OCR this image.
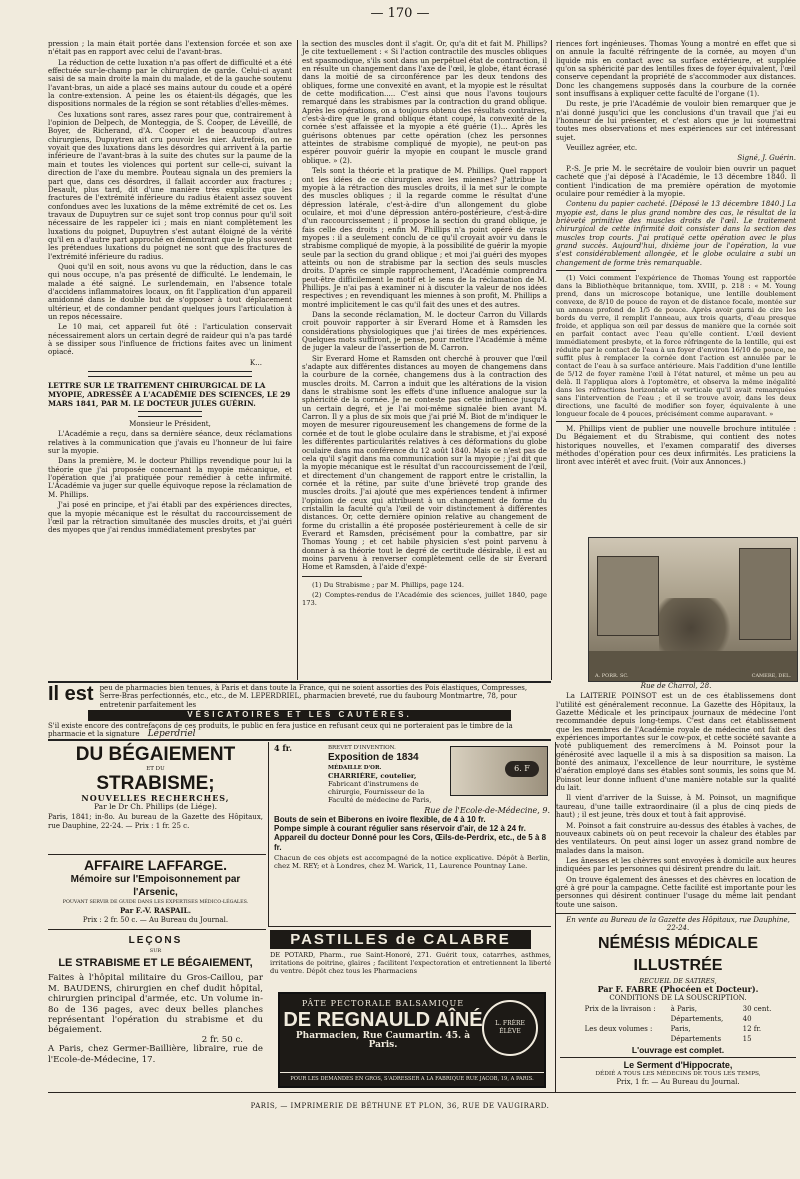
— 170 —

pression ; la main était portée dans l'extension forcée et son axe n'était pas en rapport avec celui de l'avant-bras.

La réduction de cette luxation n'a pas offert de difficulté et a été effectuée sur-le-champ par le chirurgien de garde. Celui-ci ayant saisi de sa main droite la main du malade, et de la gauche soutenu l'avant-bras, un aide a placé ses mains autour du coude et a opéré la contre-extension. A peine les os étaient-ils dégagés, que les dispositions normales de la région se sont rétablies d'elles-mêmes.

Ces luxations sont rares, assez rares pour que, contrairement à l'opinion de Delpech, de Monteggia, de S. Cooper, de Léveillé, de Boyer, de Richerand, d'A. Cooper et de beaucoup d'autres chirurgiens, Dupuytren ait cru pouvoir les nier. Autrefois, on ne voyait que des luxations dans les désordres qui arrivent à la partie inférieure de l'avant-bras à la suite des chutes sur la paume de la main et toutes les violences qui portent sur celle-ci, suivant la direction de l'axe du membre. Pouteau signala un des premiers la part que, dans ces désordres, il fallait accorder aux fractures ; Desault, plus tard, dit d'une manière très explicite que les fractures de l'extrémité inférieure du radius étaient assez souvent confondues avec les luxations de la même extrémité de cet os. Les travaux de Dupuytren sur ce sujet sont trop connus pour qu'il soit nécessaire de les rappeler ici ; mais en niant complètement les luxations du poignet, Dupuytren s'est autant éloigné de la vérité qu'il en a d'autre part approché en démontrant que le plus souvent les prétendues luxations du poignet ne sont que des fractures de l'extrémité inférieure du radius.

Quoi qu'il en soit, nous avons vu que la réduction, dans le cas qui nous occupe, n'a pas présenté de difficulté. Le lendemain, le malade a été saigné. Le surlendemain, en l'absence totale d'accidens inflammatoires locaux, on fit l'application d'un appareil amidonné dans le double but de s'opposer à tout déplacement ultérieur, et de condamner pendant quelques jours l'articulation à un repos nécessaire.

Le 10 mai, cet appareil fut ôté : l'articulation conservait nécessairement alors un certain degré de raideur qui n'a pas tardé à se dissiper sous l'influence de frictions faites avec un liniment opiacé.

K...

LETTRE SUR LE TRAITEMENT CHIRURGICAL DE LA MYOPIE, ADRESSÉE A L'ACADÉMIE DES SCIENCES, LE 29 MARS 1841, PAR M. LE DOCTEUR JULES GUÉRIN.

Monsieur le Président,

L'Académie a reçu, dans sa dernière séance, deux réclamations relatives à la communication que j'avais eu l'honneur de lui faire sur la myopie.

Dans la première, M. le docteur Phillips revendique pour lui la théorie que j'ai proposée concernant la myopie mécanique, et l'opération que j'ai pratiquée pour remédier à cette infirmité. L'Académie va juger sur quelle équivoque repose la réclamation de M. Phillips.

J'ai posé en principe, et j'ai établi par des expériences directes, que la myopie mécanique est le résultat du raccourcissement de l'œil par la rétraction simultanée des muscles droits, et j'ai guéri des myopes que j'ai rendus immédiatement presbytes par

la section des muscles dont il s'agit. Or, qu'a dit et fait M. Phillips? Je cite textuellement : « Si l'action contractile des muscles obliques est spasmodique, s'ils sont dans un perpétuel état de contraction, il en résulte un changement dans l'axe de l'œil, le globe, étant écrasé dans la moitié de sa circonférence par les deux tendons des obliques, forme une convexité en avant, et la myopie est le résultat de cette modification..... C'est ainsi que nous l'avons toujours remarqué dans les strabismes par la contraction du grand oblique. Après les opérations, on a toujours obtenu des résultats contraires, c'est-à-dire que le grand oblique étant coupé, la convexité de la cornée s'est affaissée et la myopie a été guérie (1)... Après les guérisons obtenues par cette opération (chez les personnes atteintes de strabisme compliqué de myopie), ne peut-on pas espérer pouvoir guérir la myopie en coupant le muscle grand oblique. » (2).

Tels sont la théorie et la pratique de M. Phillips. Quel rapport ont les idées de ce chirurgien avec les miennes? J'attribue la myopie à la rétraction des muscles droits, il la met sur le compte des muscles obliques ; il la regarde comme le résultat d'une dépression latérale, c'est-à-dire d'un allongement du globe oculaire, et moi d'une dépression antéro-postérieure, c'est-à-dire d'un raccourcissement ; il propose la section du grand oblique, je fais celle des droits ; enfin M. Phillips n'a point opéré de vrais myopes : il a seulement conclu de ce qu'il croyait avoir vu dans le strabisme compliqué de myopie, à la possibilité de guérir la myopie seule par la section du grand oblique ; et moi j'ai guéri des myopes atteints ou non de strabisme par la section des seuls muscles droits. D'après ce simple rapprochement, l'Académie comprendra peut-être difficilement le motif et le sens de la réclamation de M. Phillips. Je n'ai pas à examiner ni à discuter la valeur de nos idées respectives ; en revendiquant les miennes à son profit, M. Phillips a montré implicitement le cas qu'il fait des unes et des autres.

Dans la seconde réclamation, M. le docteur Carron du Villards croit pouvoir rapporter à sir Everard Home et à Ramsden les considérations physiologiques que j'ai tirées de mes expériences. Quelques mots suffiront, je pense, pour mettre l'Académie à même de juger la valeur de l'assertion de M. Carron.

Sir Everard Home et Ramsden ont cherché à prouver que l'œil s'adapte aux différentes distances au moyen de changemens dans la courbure de la cornée, changemens dus à la contraction des muscles droits. M. Carron a induit que les altérations de la vision dans le strabisme sont les effets d'une influence analogue sur la sphéricité de la cornée. Je ne conteste pas cette influence jusqu'à un certain degré, et je l'ai moi-même signalée bien avant M. Carron. Il y a plus de six mois que j'ai prié M. Biot de m'indiquer le moyen de mesurer rigoureusement les changemens de forme de la cornée et de tout le globe oculaire dans le strabisme, et j'ai exposé les différentes particularités relatives à ces déformations du globe oculaire dans ma conférence du 12 août 1840. Mais ce n'est pas de cela qu'il s'agit dans ma communication sur la myopie ; j'ai dit que la myopie mécanique est le résultat d'un raccourcissement de l'œil, et directement d'un changement de rapport entre le cristallin, la cornée et la rétine, par suite d'une brièveté trop grande des muscles droits. J'ai ajouté que mes expériences tendent à infirmer l'opinion de ceux qui attribuent à un changement de forme du cristallin la faculté qu'a l'œil de voir distinctement à différentes distances. Or, cette dernière opinion relative au changement de forme du cristallin a été proposée postérieurement à celle de sir Everard et Ramsden, précisément pour la combattre, par sir Thomas Young ; et cet habile physicien s'est point parvenu à donner à sa théorie tout le degré de certitude désirable, il est au moins parvenu à renverser complètement celle de sir Everard Home et Ramsden, à l'aide d'expé-

(1) Du Strabisme ; par M. Phillips, page 124.

(2) Comptes-rendus de l'Académie des sciences, juillet 1840, page 173.

riences fort ingénieuses. Thomas Young a montré en effet que si on annule la faculté réfringente de la cornée, au moyen d'un liquide mis en contact avec sa surface extérieure, et supplée qu'on sa sphéricité par des lentilles fixes de foyer équivalent, l'œil conserve cependant la propriété de s'accommoder aux distances. Donc les changemens supposés dans la courbure de la cornée sont insuffisans à expliquer cette faculté de l'organe (1).

Du reste, je prie l'Académie de vouloir bien remarquer que je n'ai donné jusqu'ici que les conclusions d'un travail que j'ai eu l'honneur de lui présenter, et c'est alors que je lui soumettrai toutes mes observations et mes expériences sur cet intéressant sujet.

Veuillez agréer, etc.

Signé, J. Guérin.

P.-S. Je prie M. le secrétaire de vouloir bien ouvrir un paquet cacheté que j'ai déposé à l'Académie, le 13 décembre 1840. Il contient l'indication de ma première opération de myotomie oculaire pour remédier à la myopie.

Contenu du papier cacheté. [Déposé le 13 décembre 1840.] La myopie est, dans le plus grand nombre des cas, le résultat de la brièveté primitive des muscles droits de l'œil. Le traitement chirurgical de cette infirmité doit consister dans la section des muscles trop courts. J'ai pratiqué cette opération avec le plus grand succès. Aujourd'hui, dixième jour de l'opération, la vue s'est considérablement allongée, et le globe oculaire a subi un changement de forme très remarquable.

(1) Voici comment l'expérience de Thomas Young est rapportée dans la Bibliothèque britannique, tom. XVIII, p. 218 : « M. Young prend, dans un microscope botanique, une lentille doublement convexe, de 8/10 de pouce de rayon et de distance focale, montée sur un anneau profond de 1/5 de pouce. Après avoir garni de cire les bords du verre, il remplit l'anneau, aux trois quarts, d'eau presque froide, et appliqua son œil par dessus de manière que la cornée soit en parfait contact avec l'eau qu'elle contient. L'œil devient immédiatement presbyte, et la force réfringente de la lentille, qui est réduite par le contact de l'eau à un foyer d'environ 16/10 de pouce, ne suffit plus à remplacer la cornée dont l'action est annulée par le contact de l'eau à sa surface antérieure. Mais l'addition d'une lentille de 5/12 de foyer ramène l'œil à l'état naturel, et même un peu au delà. Il l'appliqua alors à l'optomètre, et observa la même inégalité dans les réfractions horizontale et verticale qu'il avait remarquées sans l'intervention de l'eau ; et il se trouve avoir, dans les deux directions, une faculté de modifier son foyer, équivalente à une longueur focale de 4 pouces, précisément comme auparavant. »

M. Phillips vient de publier une nouvelle brochure intitulée : Du Bégaiement et du Strabisme, qui contient des notes historiques nouvelles, et l'examen comparatif des diverses méthodes d'opération pour ces deux infirmités. Les praticiens la liront avec intérêt et avec fruit. (Voir aux Annonces.)

A. PORR. SC.	CAMERE, DEL.

Rue de Charrol, 28.

La LAITERIE POINSOT est un de ces établissemens dont l'utilité est généralement reconnue. La Gazette des Hôpitaux, la Gazette Médicale et les principaux journaux de médecine l'ont recommandée depuis long-temps. C'est dans cet établissement que les membres de l'Académie royale de médecine ont fait des expériences importantes sur le cow-pox, et cette société savante a voté publiquement des remercîmens à M. Poinsot pour la générosité avec laquelle il a mis à sa disposition sa maison. La bonté des animaux, l'excellence de leur nourriture, le système d'aération employé dans ses étables sont soumis, les soins que M. Poinsot leur donne influent d'une manière notable sur la qualité du lait.

Il vient d'arriver de la Suisse, à M. Poinsot, un magnifique taureau, d'une taille extraordinaire (il a plus de cinq pieds de haut) ; il est jeune, très doux et tout à fait approvisé.

M. Poinsot a fait construire au-dessus des étables à vaches, de nouveaux cabinets où on peut recevoir la chaleur des étables par des ventilateurs. On peut ainsi loger un assez grand nombre de malades dans la maison.

Les ânesses et les chèvres sont envoyées à domicile aux heures indiquées par les personnes qui désirent prendre du lait.

On trouve également des ânesses et des chèvres en location de gré à gré pour la campagne. Cette facilité est importante pour les personnes qui désirent continuer l'usage du même lait pendant toute une saison.

Il est peu de pharmacies bien tenues, à Paris et dans toute la France, qui ne soient assorties des Pois élastiques, Compresses, Serre-Bras perfectionnés, etc., etc., de M. LEPERDRIEL, pharmacien breveté, rue du faubourg Montmartre, 78, pour entretenir parfaitement les
VÉSICATOIRES ET LES CAUTÈRES.
S'il existe encore des contrefaçons de ces produits, le public en fera justice en refusant ceux qui ne porteraient pas le timbre de la pharmacie et la signature Leperdriel
DU BÉGAIEMENT
ET DU
STRABISME;
NOUVELLES RECHERCHES,
Par le Dr Ch. Phillips (de Liége).
Paris, 1841; in-8o. Au bureau de la Gazette des Hôpitaux, rue Dauphine, 22-24. — Prix : 1 fr. 25 c.
AFFAIRE LAFFARGE.
Mémoire sur l'Empoisonnement par l'Arsenic,
POUVANT SERVIR DE GUIDE DANS LES EXPERTISES MÉDICO-LÉGALES.
Par F.-V. RASPAIL.
Prix : 2 fr. 50 c. — Au Bureau du Journal.
LEÇONS
SUR
LE STRABISME ET LE BÉGAIEMENT,
Faites à l'hôpital militaire du Gros-Caillou, par M. BAUDENS, chirurgien en chef dudit hôpital, chirurgien principal d'armée, etc. Un volume in-8o de 136 pages, avec deux belles planches représentant l'opération du strabisme et du bégaiement.
2 fr. 50 c.
A Paris, chez Germer-Baillière, libraire, rue de l'Ecole-de-Médecine, 17.
4 fr.
6. F
BREVET D'INVENTION.
Exposition de 1834
MÉDAILLE D'OR.
CHARRIÈRE, coutelier,
Fabricant d'instrumens de chirurgie, Fournisseur de la Faculté de médecine de Paris,
Rue de l'Ecole-de-Médecine, 9.
Bouts de sein et Biberons en ivoire flexible, de 4 à 10 fr.
Pompe simple à courant régulier sans réservoir d'air, de 12 à 24 fr.
Appareil du docteur Donné pour les Cors, Œils-de-Perdrix, etc., de 5 à 8 fr.
Chacun de ces objets est accompagné de la notice explicative. Dépôt à Berlin, chez M. REY; et à Londres, chez M. Warick, 11, Laurence Pountnay Lane.
PASTILLES de CALABRE
DE POTARD, Pharm., rue Saint-Honoré, 271. Guérit toux, catarrhes, asthmes, irritations de poitrine, glaires ; facilitent l'expectoration et entretiennent la liberté du ventre. Dépôt chez tous les Pharmaciens
PÂTE PECTORALE BALSAMIQUE
DE REGNAULD AÎNÉ
Pharmacien, Rue Caumartin. 45. à Paris.
L. FRÈRE ÉLÈVE
POUR LES DEMANDES EN GROS, S'ADRESSER A LA FABRIQUE RUE JACOB, 19, A PARIS.
En vente au Bureau de la Gazette des Hôpitaux, rue Dauphine, 22-24.
NÉMÉSIS MÉDICALE ILLUSTRÉE
RECUEIL DE SATIRES,
Par F. FABRE (Phocéen et Docteur).
CONDITIONS DE LA SOUSCRIPTION.
Prix de la livraison :	à Paris,	30 cent.
	Départements,	40
Les deux volumes :	Paris,	12 fr.
	Départements	15
L'ouvrage est complet.
Le Serment d'Hippocrate,
DÉDIÉ A TOUS LES MÉDECINS DE TOUS LES TEMPS,
Prix, 1 fr. — Au Bureau du Journal.
PARIS, — IMPRIMERIE DE BÉTHUNE ET PLON, 36, RUE DE VAUGIRARD.
